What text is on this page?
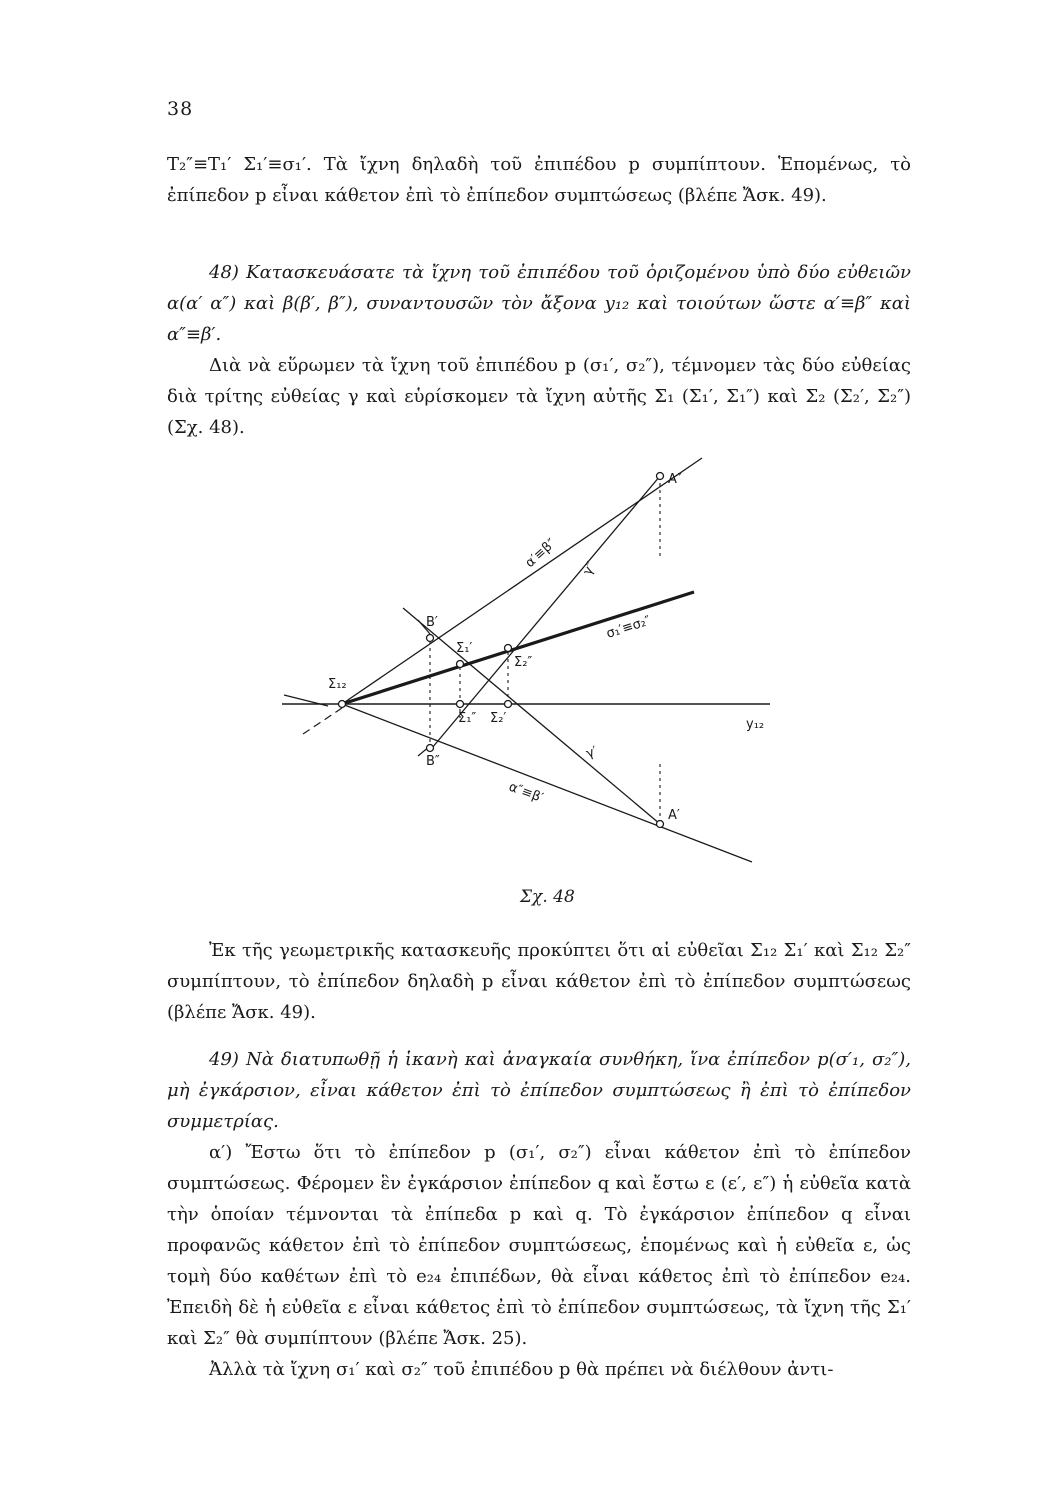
38

T₂″≡T₁′ Σ₁′≡σ₁′. Τὰ ἴχνη δηλαδὴ τοῦ ἐπιπέδου p συμπίπτουν. Ἑπομένως, τὸ ἐπίπεδον p εἶναι κάθετον ἐπὶ τὸ ἐπίπεδον συμπτώσεως (βλέπε Ἄσκ. 49).

48) Κατασκευάσατε τὰ ἴχνη τοῦ ἐπιπέδου τοῦ ὁριζομένου ὑπὸ δύο εὐθειῶν α(α′ α″) καὶ β(β′, β″), συναντουσῶν τὸν ἄξονα y₁₂ καὶ τοιούτων ὥστε α′≡β″ καὶ α″≡β′.

Διὰ νὰ εὕρωμεν τὰ ἴχνη τοῦ ἐπιπέδου p (σ₁′, σ₂″), τέμνομεν τὰς δύο εὐθείας διὰ τρίτης εὐθείας γ καὶ εὑρίσκομεν τὰ ἴχνη αὐτῆς Σ₁ (Σ₁′, Σ₁″) καὶ Σ₂ (Σ₂′, Σ₂″) (Σχ. 48).

A″
A′
B′
B″
Σ₁′
Σ₁″
Σ₂″
Σ₂′
Σ₁₂
γ″
γ′
α′≡β″
α″≡β′
σ₁′≡σ₂″
y₁₂
Σχ. 48

Ἐκ τῆς γεωμετρικῆς κατασκευῆς προκύπτει ὅτι αἱ εὐθεῖαι Σ₁₂ Σ₁′ καὶ Σ₁₂ Σ₂″ συμπίπτουν, τὸ ἐπίπεδον δηλαδὴ p εἶναι κάθετον ἐπὶ τὸ ἐπίπεδον συμπτώσεως (βλέπε Ἄσκ. 49).

49) Νὰ διατυπωθῇ ἡ ἱκανὴ καὶ ἀναγκαία συνθήκη, ἵνα ἐπίπεδον p(σ′₁, σ₂″), μὴ ἐγκάρσιον, εἶναι κάθετον ἐπὶ τὸ ἐπίπεδον συμπτώσεως ἢ ἐπὶ τὸ ἐπίπεδον συμμετρίας.

α′) Ἔστω ὅτι τὸ ἐπίπεδον p (σ₁′, σ₂″) εἶναι κάθετον ἐπὶ τὸ ἐπίπεδον συμπτώσεως. Φέρομεν ἓν ἐγκάρσιον ἐπίπεδον q καὶ ἔστω ε (ε′, ε″) ἡ εὐθεῖα κατὰ τὴν ὁποίαν τέμνονται τὰ ἐπίπεδα p καὶ q. Τὸ ἐγκάρσιον ἐπίπεδον q εἶναι προφανῶς κάθετον ἐπὶ τὸ ἐπίπεδον συμπτώσεως, ἑπομένως καὶ ἡ εὐθεῖα ε, ὡς τομὴ δύο καθέτων ἐπὶ τὸ e₂₄ ἐπιπέδων, θὰ εἶναι κάθετος ἐπὶ τὸ ἐπίπεδον e₂₄. Ἐπειδὴ δὲ ἡ εὐθεῖα ε εἶναι κάθετος ἐπὶ τὸ ἐπίπεδον συμπτώσεως, τὰ ἴχνη τῆς Σ₁′ καὶ Σ₂″ θὰ συμπίπτουν (βλέπε Ἄσκ. 25).

Ἀλλὰ τὰ ἴχνη σ₁′ καὶ σ₂″ τοῦ ἐπιπέδου p θὰ πρέπει νὰ διέλθουν ἀντι-
